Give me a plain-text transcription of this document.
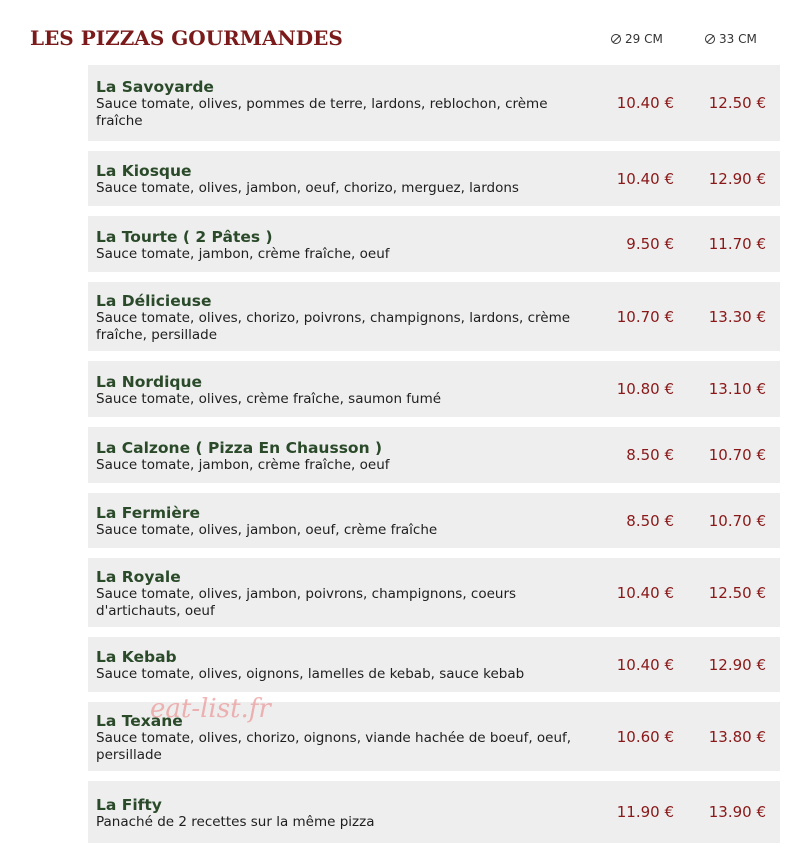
LES PIZZAS GOURMANDES	29 CM	33 CM
La Savoyarde
Sauce tomate, olives, pommes de terre, lardons, reblochon, crème fraîche
10.40 € 12.50 €
La Kiosque
Sauce tomate, olives, jambon, oeuf, chorizo, merguez, lardons
10.40 € 12.90 €
La Tourte ( 2 Pâtes )
Sauce tomate, jambon, crème fraîche, oeuf
9.50 € 11.70 €
La Délicieuse
Sauce tomate, olives, chorizo, poivrons, champignons, lardons, crème fraîche, persillade
10.70 € 13.30 €
La Nordique
Sauce tomate, olives, crème fraîche, saumon fumé
10.80 € 13.10 €
La Calzone ( Pizza En Chausson )
Sauce tomate, jambon, crème fraîche, oeuf
8.50 € 10.70 €
La Fermière
Sauce tomate, olives, jambon, oeuf, crème fraîche
8.50 € 10.70 €
La Royale
Sauce tomate, olives, jambon, poivrons, champignons, coeurs d'artichauts, oeuf
10.40 € 12.50 €
La Kebab
Sauce tomate, olives, oignons, lamelles de kebab, sauce kebab
10.40 € 12.90 €
La Texane
Sauce tomate, olives, chorizo, oignons, viande hachée de boeuf, oeuf, persillade
10.60 € 13.80 €
La Fifty
Panaché de 2 recettes sur la même pizza
11.90 € 13.90 €
eat-list.fr
